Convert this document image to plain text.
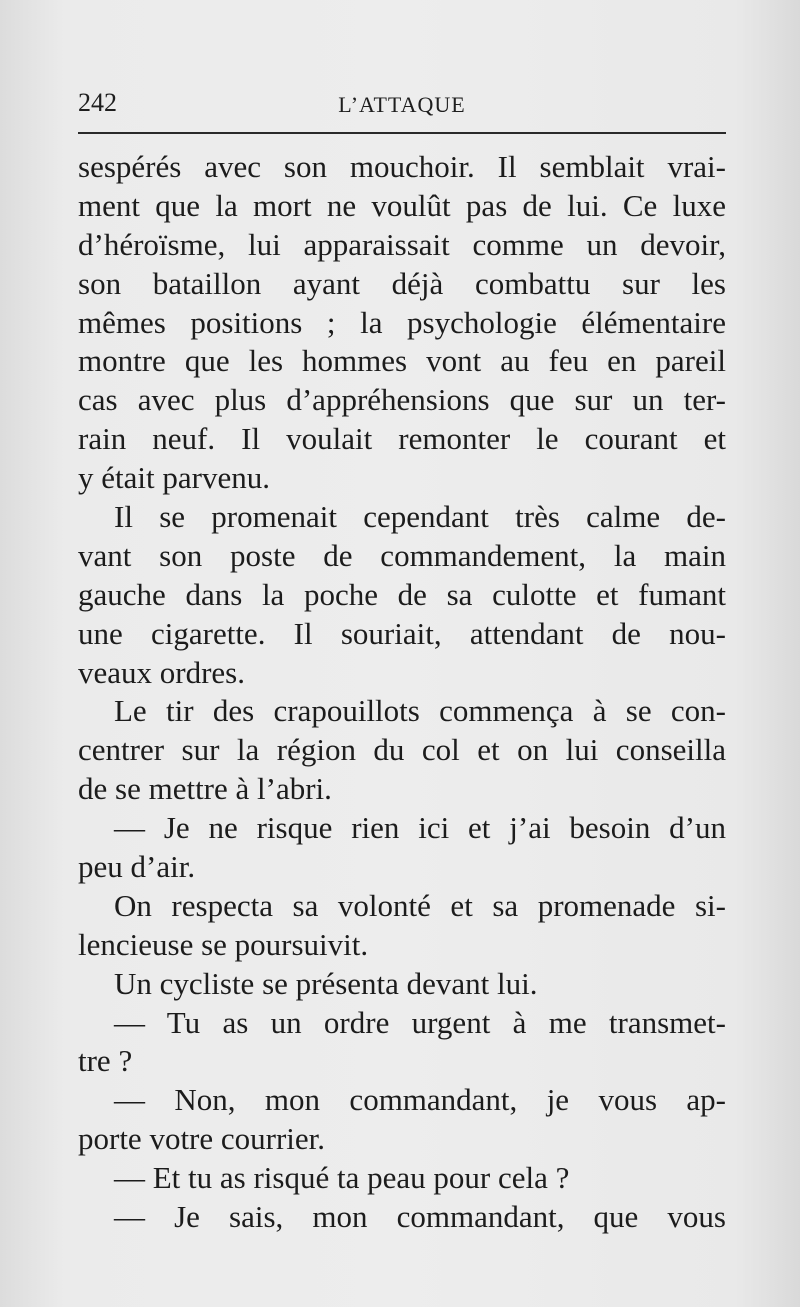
242	L’ATTAQUE
sespérés avec son mouchoir. Il semblait vrai-
ment que la mort ne voulût pas de lui. Ce luxe
d’héroïsme, lui apparaissait comme un devoir,
son bataillon ayant déjà combattu sur les
mêmes positions ; la psychologie élémentaire
montre que les hommes vont au feu en pareil
cas avec plus d’appréhensions que sur un ter-
rain neuf. Il voulait remonter le courant et
y était parvenu.
Il se promenait cependant très calme de-
vant son poste de commandement, la main
gauche dans la poche de sa culotte et fumant
une cigarette. Il souriait, attendant de nou-
veaux ordres.
Le tir des crapouillots commença à se con-
centrer sur la région du col et on lui conseilla
de se mettre à l’abri.
— Je ne risque rien ici et j’ai besoin d’un
peu d’air.
On respecta sa volonté et sa promenade si-
lencieuse se poursuivit.
Un cycliste se présenta devant lui.
— Tu as un ordre urgent à me transmet-
tre ?
— Non, mon commandant, je vous ap-
porte votre courrier.
— Et tu as risqué ta peau pour cela ?
— Je sais, mon commandant, que vous
